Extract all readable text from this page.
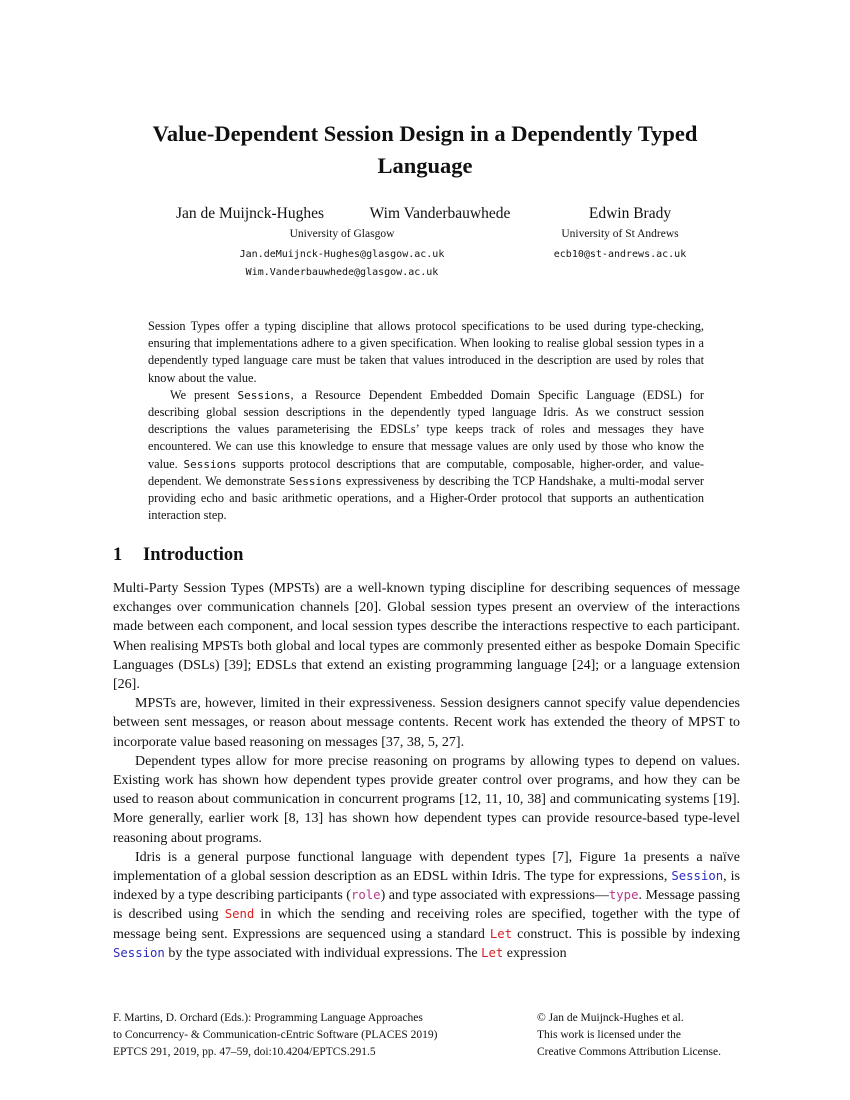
Value-Dependent Session Design in a Dependently Typed
Language
Jan de Muijnck-Hughes	Wim Vanderbauwhede	Edwin Brady
University of Glasgow
Jan.deMuijnck-Hughes@glasgow.ac.uk
Wim.Vanderbauwhede@glasgow.ac.uk
University of St Andrews
ecb10@st-andrews.ac.uk

Session Types offer a typing discipline that allows protocol specifications to be used during type-checking, ensuring that implementations adhere to a given specification. When looking to realise global session types in a dependently typed language care must be taken that values introduced in the description are used by roles that know about the value.

We present Sessions, a Resource Dependent Embedded Domain Specific Language (EDSL) for describing global session descriptions in the dependently typed language Idris. As we construct session descriptions the values parameterising the EDSLs’ type keeps track of roles and messages they have encountered. We can use this knowledge to ensure that message values are only used by those who know the value. Sessions supports protocol descriptions that are computable, composable, higher-order, and value-dependent. We demonstrate Sessions expressiveness by describing the TCP Handshake, a multi-modal server providing echo and basic arithmetic operations, and a Higher-Order protocol that supports an authentication interaction step.

1 Introduction

Multi-Party Session Types (MPSTs) are a well-known typing discipline for describing sequences of message exchanges over communication channels [20]. Global session types present an overview of the interactions made between each component, and local session types describe the interactions respective to each participant. When realising MPSTs both global and local types are commonly presented either as bespoke Domain Specific Languages (DSLs) [39]; EDSLs that extend an existing programming language [24]; or a language extension [26].

MPSTs are, however, limited in their expressiveness. Session designers cannot specify value dependencies between sent messages, or reason about message contents. Recent work has extended the theory of MPST to incorporate value based reasoning on messages [37, 38, 5, 27].

Dependent types allow for more precise reasoning on programs by allowing types to depend on values. Existing work has shown how dependent types provide greater control over programs, and how they can be used to reason about communication in concurrent programs [12, 11, 10, 38] and communicating systems [19]. More generally, earlier work [8, 13] has shown how dependent types can provide resource-based type-level reasoning about programs.

Idris is a general purpose functional language with dependent types [7], Figure 1a presents a naïve implementation of a global session description as an EDSL within Idris. The type for expressions, Session, is indexed by a type describing participants (role) and type associated with expressions—type. Message passing is described using Send in which the sending and receiving roles are specified, together with the type of message being sent. Expressions are sequenced using a standard Let construct. This is possible by indexing Session by the type associated with individual expressions. The Let expression

F. Martins, D. Orchard (Eds.): Programming Language Approaches
to Concurrency- & Communication-cEntric Software (PLACES 2019)
EPTCS 291, 2019, pp. 47–59, doi:10.4204/EPTCS.291.5
© Jan de Muijnck-Hughes et al.
This work is licensed under the
Creative Commons Attribution License.
